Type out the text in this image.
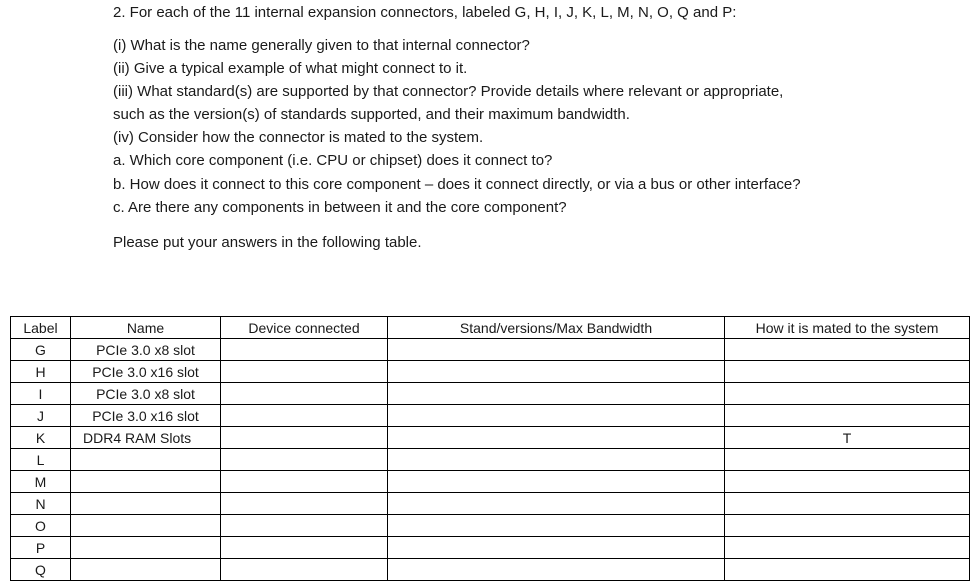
2. For each of the 11 internal expansion connectors, labeled G, H, I, J, K, L, M, N, O, Q and P:
(i) What is the name generally given to that internal connector?
(ii) Give a typical example of what might connect to it.
(iii) What standard(s) are supported by that connector? Provide details where relevant or appropriate,
such as the version(s) of standards supported, and their maximum bandwidth.
(iv) Consider how the connector is mated to the system.
a. Which core component (i.e. CPU or chipset) does it connect to?
b. How does it connect to this core component – does it connect directly, or via a bus or other interface?
c. Are there any components in between it and the core component?
Please put your answers in the following table.
Label	Name	Device connected	Stand/versions/Max Bandwidth	How it is mated to the system
G	PCIe 3.0 x8 slot			
H	PCIe 3.0 x16 slot			
I	PCIe 3.0 x8 slot			
J	PCIe 3.0 x16 slot			
K	DDR4 RAM Slots			T
L				
M				
N				
O				
P				
Q				
